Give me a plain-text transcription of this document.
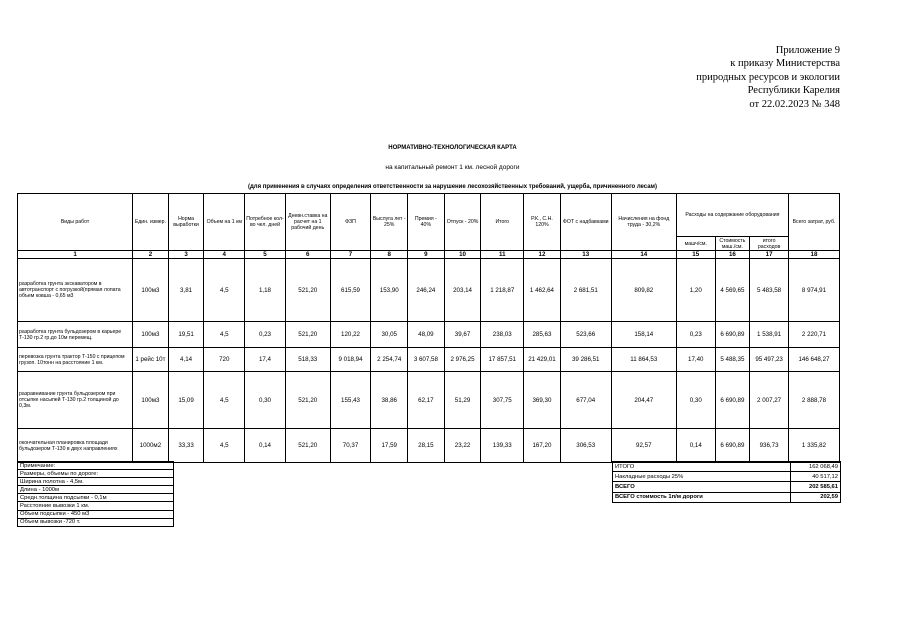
Приложение 9
к приказу Министерства
природных ресурсов и экологии
Республики Карелия
от 22.02.2023 № 348
НОРМАТИВНО-ТЕХНОЛОГИЧЕСКАЯ КАРТА
на капитальный ремонт 1 км. лесной дороги
(для применения в случаях определения ответственности за нарушение лесохозяйственных требований, ущерба, причиненного лесам)
Виды работ	Един. измер.	Норма выработки	Объем на 1 км	Потребное кол-во чел. дней	Дневн.ставка на расчет на 1 рабочий день	ФЗП	Выслуга лет - 25%	Премия - 40%	Отпуск - 20%	Итого	Р.К., С.Н. 120%	ФОТ с надбавками	Начисления на фонд труда - 30,2%	Расходы на содержание оборудования			Всего затрат, руб.
														машч/см.	Стоимость маш./см.	итого расходов	
1	2	3	4	5	6	7	8	9	10	11	12	13	14	15	16	17	18
разработка грунта экскаватором в автотранспорт с погрузкой(прямая лопата объем ковша - 0,65 м3	100м3	3,81	4,5	1,18	521,20	615,59	153,90	246,24	203,14	1 218,87	1 462,64	2 681,51	809,82	1,20	4 569,65	5 483,58	8 974,91
разработка грунта бульдозером в карьере Т-130 гр.2 гр.до 10м перемещ.	100м3	19,51	4,5	0,23	521,20	120,22	30,05	48,09	39,67	238,03	285,63	523,66	158,14	0,23	6 690,89	1 538,91	2 220,71
перевозка грунта трактор Т-150 с прицепом грузоп. 10тонн на расстояние 1 км.	1 рейс 10т	4,14	720	17,4	518,33	9 018,94	2 254,74	3 607,58	2 976,25	17 857,51	21 429,01	39 286,51	11 864,53	17,40	5 488,35	95 497,23	146 648,27
разравнивание грунта бульдозером при отсыпке насыпей Т-130 гр.2 толщиной до 0,3м.	100м3	15,09	4,5	0,30	521,20	155,43	38,86	62,17	51,29	307,75	369,30	677,04	204,47	0,30	6 690,89	2 007,27	2 888,78
окончательная планировка площади бульдозером Т-130 в двух направлениях	1000м2	33,33	4,5	0,14	521,20	70,37	17,59	28,15	23,22	139,33	167,20	306,53	92,57	0,14	6 690,89	936,73	1 335,82
Примечание:
Размеры, объемы по дороге:
Ширина полотна - 4,5м.
Длина - 1000м
Средн.толщина подсыпки - 0,1м
Расстояние вывозки 1 км.
Объем подсыпки - 450 м3
Объем вывозки -720 т.
ИТОГО	162 068,49
Накладные расходы 25%	40 517,12
ВСЕГО	202 585,61
ВСЕГО стоимость 1п/м дороги	202,59
